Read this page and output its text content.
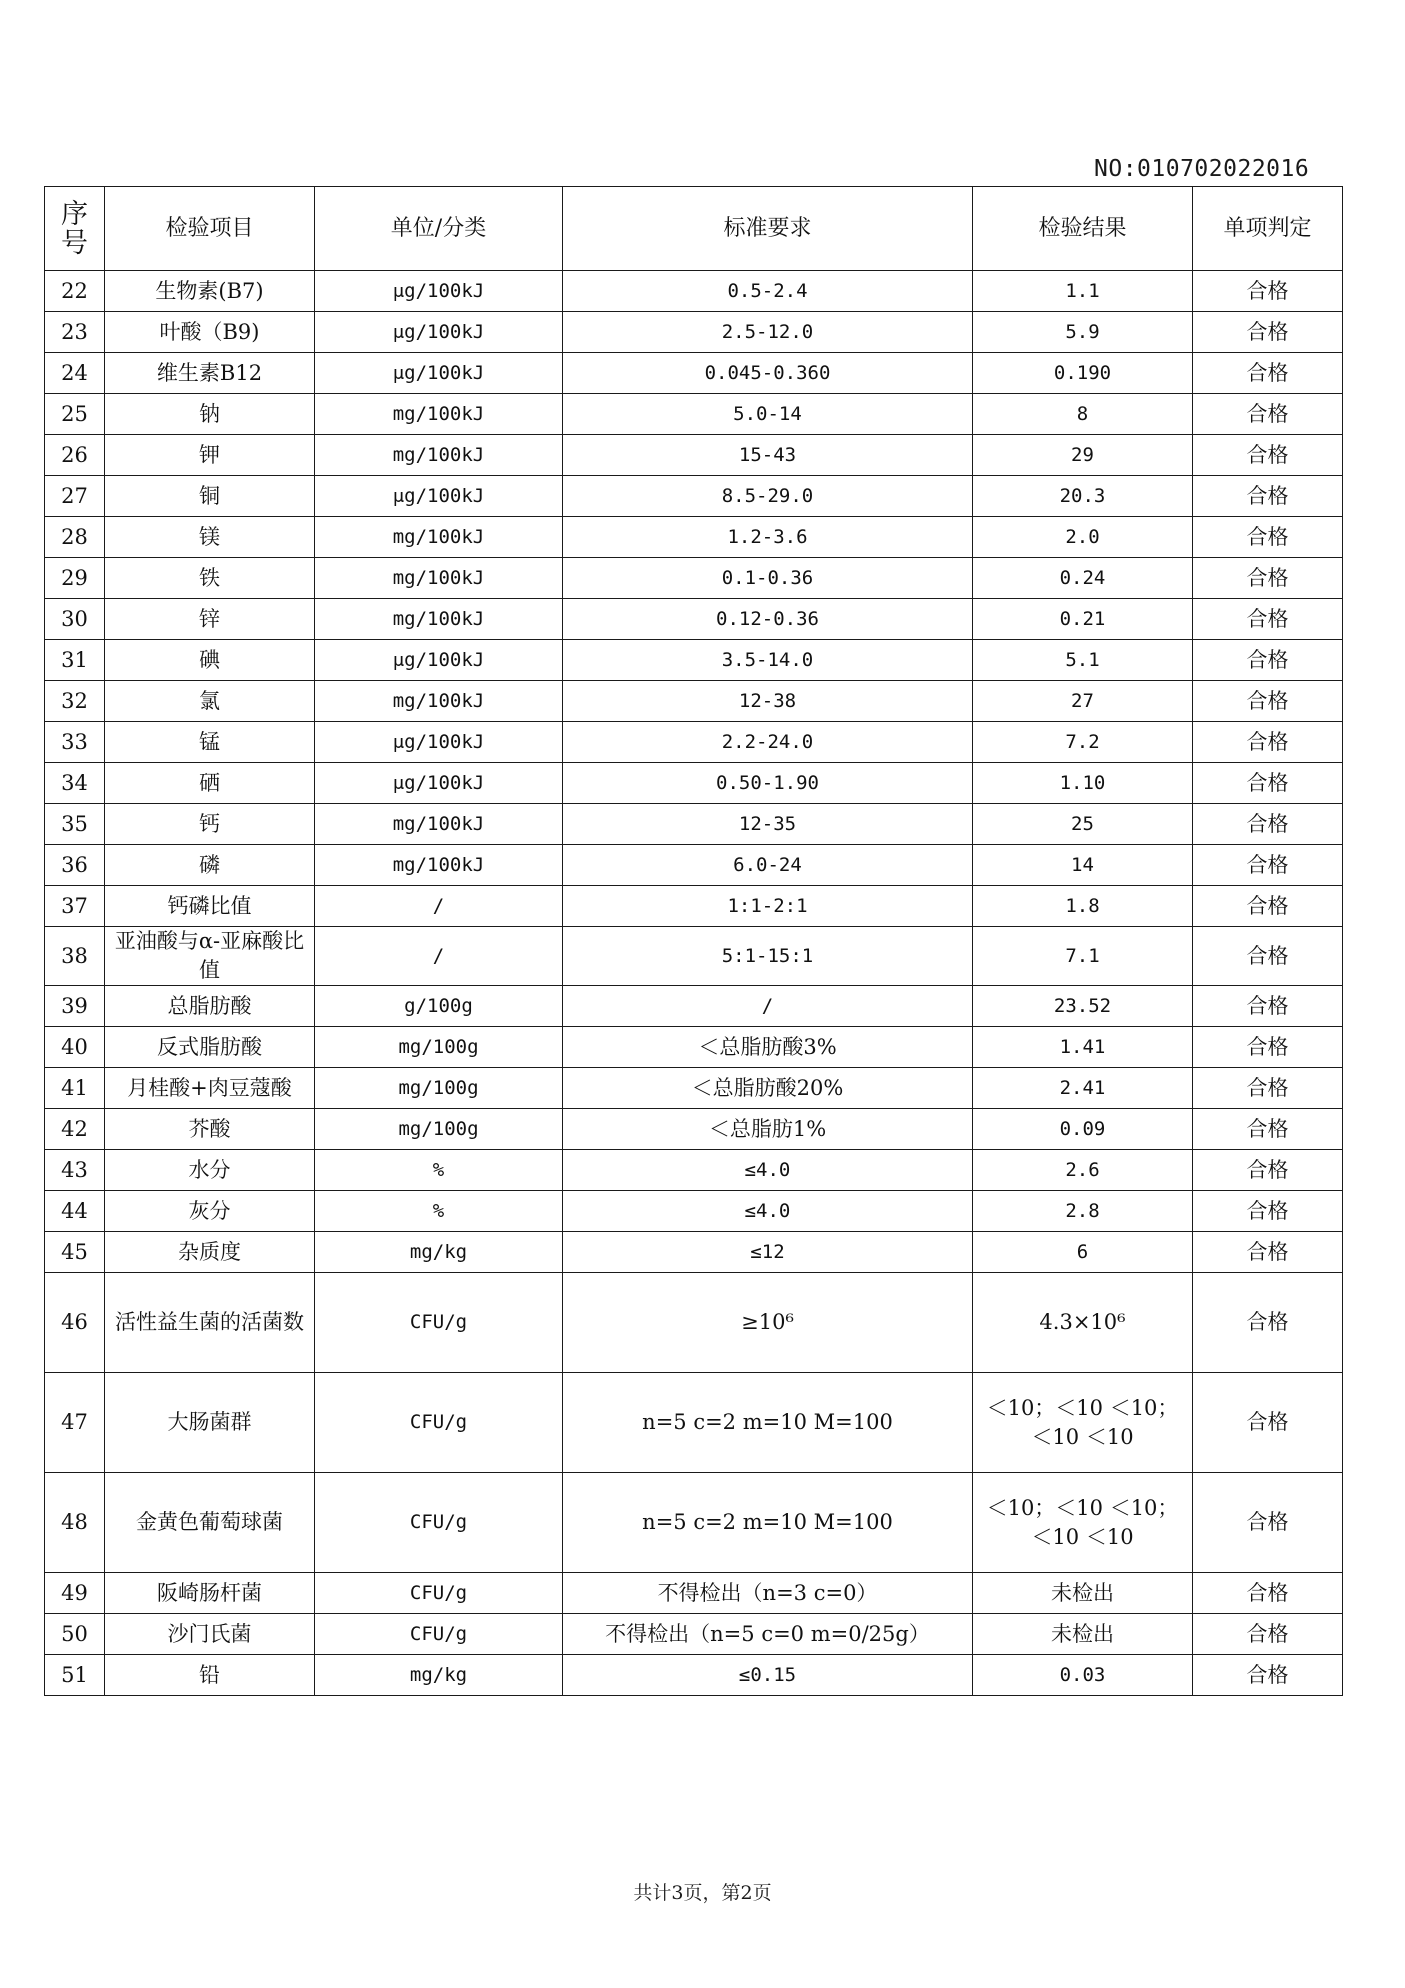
NO:010702022016
序号	检验项目	单位/分类	标准要求	检验结果	单项判定
22	生物素(B7)	μg/100kJ	0.5-2.4	1.1	合格
23	叶酸（B9)	μg/100kJ	2.5-12.0	5.9	合格
24	维生素B12	μg/100kJ	0.045-0.360	0.190	合格
25	钠	mg/100kJ	5.0-14	8	合格
26	钾	mg/100kJ	15-43	29	合格
27	铜	μg/100kJ	8.5-29.0	20.3	合格
28	镁	mg/100kJ	1.2-3.6	2.0	合格
29	铁	mg/100kJ	0.1-0.36	0.24	合格
30	锌	mg/100kJ	0.12-0.36	0.21	合格
31	碘	μg/100kJ	3.5-14.0	5.1	合格
32	氯	mg/100kJ	12-38	27	合格
33	锰	μg/100kJ	2.2-24.0	7.2	合格
34	硒	μg/100kJ	0.50-1.90	1.10	合格
35	钙	mg/100kJ	12-35	25	合格
36	磷	mg/100kJ	6.0-24	14	合格
37	钙磷比值	/	1:1-2:1	1.8	合格
38	亚油酸与α-亚麻酸比值	/	5:1-15:1	7.1	合格
39	总脂肪酸	g/100g	/	23.52	合格
40	反式脂肪酸	mg/100g	＜总脂肪酸3%	1.41	合格
41	月桂酸+肉豆蔻酸	mg/100g	＜总脂肪酸20%	2.41	合格
42	芥酸	mg/100g	＜总脂肪1%	0.09	合格
43	水分	%	≤4.0	2.6	合格
44	灰分	%	≤4.0	2.8	合格
45	杂质度	mg/kg	≤12	6	合格
46	活性益生菌的活菌数	CFU/g	≥10⁶	4.3×10⁶	合格
47	大肠菌群	CFU/g	n=5 c=2 m=10 M=100	＜10；＜10 ＜10；＜10 ＜10	合格
48	金黄色葡萄球菌	CFU/g	n=5 c=2 m=10 M=100	＜10；＜10 ＜10；＜10 ＜10	合格
49	阪崎肠杆菌	CFU/g	不得检出（n=3 c=0）	未检出	合格
50	沙门氏菌	CFU/g	不得检出（n=5 c=0 m=0/25g）	未检出	合格
51	铅	mg/kg	≤0.15	0.03	合格
共计3页，第2页
